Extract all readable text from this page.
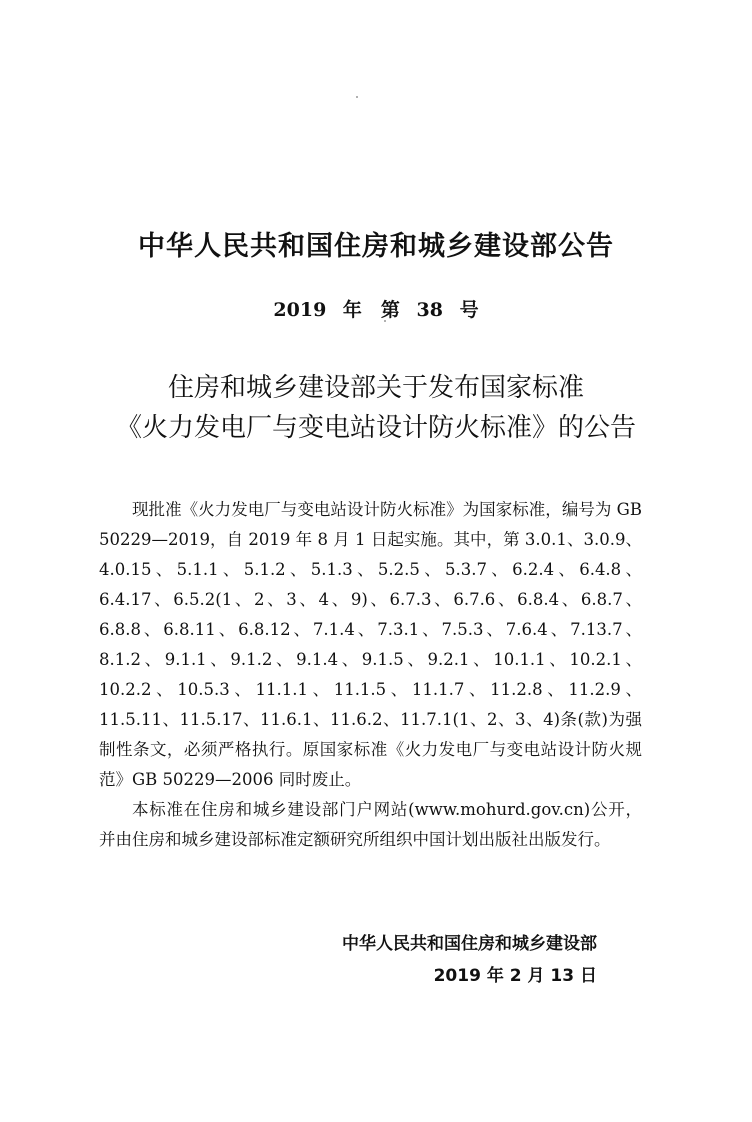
中华人民共和国住房和城乡建设部公告
2019 年　第 38 号
住房和城乡建设部关于发布国家标准
《火力发电厂与变电站设计防火标准》的公告

现批准《火力发电厂与变电站设计防火标准》为国家标准，编号为 GB 50229—2019，自 2019 年 8 月 1 日起实施。其中，第 3.0.1、3.0.9、4.0.15、5.1.1、5.1.2、5.1.3、5.2.5、5.3.7、6.2.4、6.4.8、6.4.17、6.5.2(1、2、3、4、9)、6.7.3、6.7.6、6.8.4、6.8.7、6.8.8、6.8.11、6.8.12、7.1.4、7.3.1、7.5.3、7.6.4、7.13.7、8.1.2、9.1.1、9.1.2、9.1.4、9.1.5、9.2.1、10.1.1、10.2.1、10.2.2、10.5.3、11.1.1、11.1.5、11.1.7、11.2.8、11.2.9、11.5.11、11.5.17、11.6.1、11.6.2、11.7.1(1、2、3、4)条(款)为强制性条文，必须严格执行。原国家标准《火力发电厂与变电站设计防火规范》GB 50229—2006 同时废止。

本标准在住房和城乡建设部门户网站(www.mohurd.gov.cn)公开，并由住房和城乡建设部标准定额研究所组织中国计划出版社出版发行。

中华人民共和国住房和城乡建设部
2019 年 2 月 13 日
